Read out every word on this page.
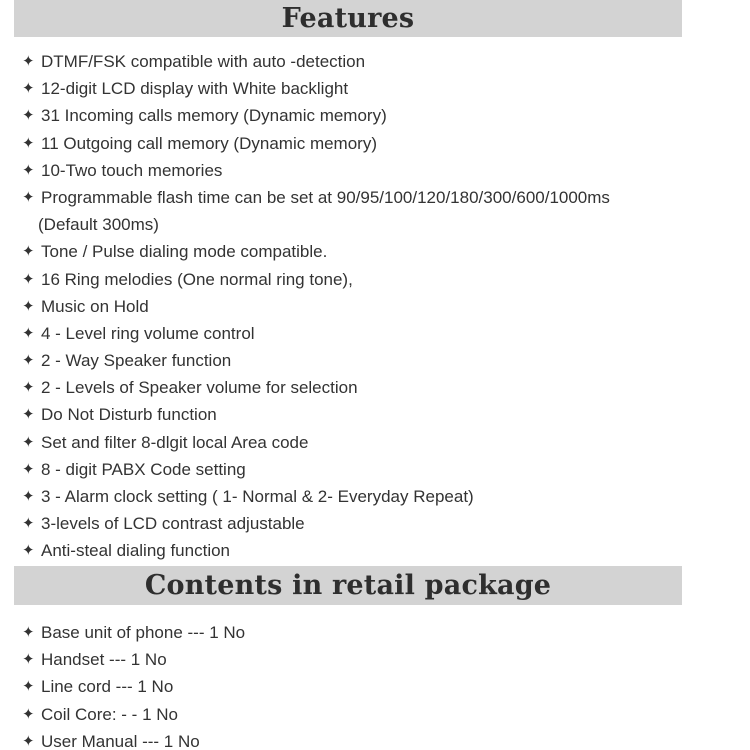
Features
✦ DTMF/FSK compatible with auto -detection
✦ 12-digit LCD display with White backlight
✦ 31 Incoming calls memory (Dynamic memory)
✦ 11 Outgoing call memory (Dynamic memory)
✦ 10-Two touch memories
✦ Programmable flash time can be set at 90/95/100/120/180/300/600/1000ms
(Default 300ms)
✦ Tone / Pulse dialing mode compatible.
✦ 16 Ring melodies (One normal ring tone),
✦ Music on Hold
✦ 4 - Level ring volume control
✦ 2 - Way Speaker function
✦ 2 - Levels of Speaker volume for selection
✦ Do Not Disturb function
✦ Set and filter 8-dlgit local Area code
✦ 8 - digit PABX Code setting
✦ 3 - Alarm clock setting ( 1- Normal & 2- Everyday Repeat)
✦ 3-levels of LCD contrast adjustable
✦ Anti-steal dialing function
Contents in retail package
✦ Base unit of phone --- 1 No
✦ Handset --- 1 No
✦ Line cord --- 1 No
✦ Coil Core: - - 1 No
✦ User Manual --- 1 No
